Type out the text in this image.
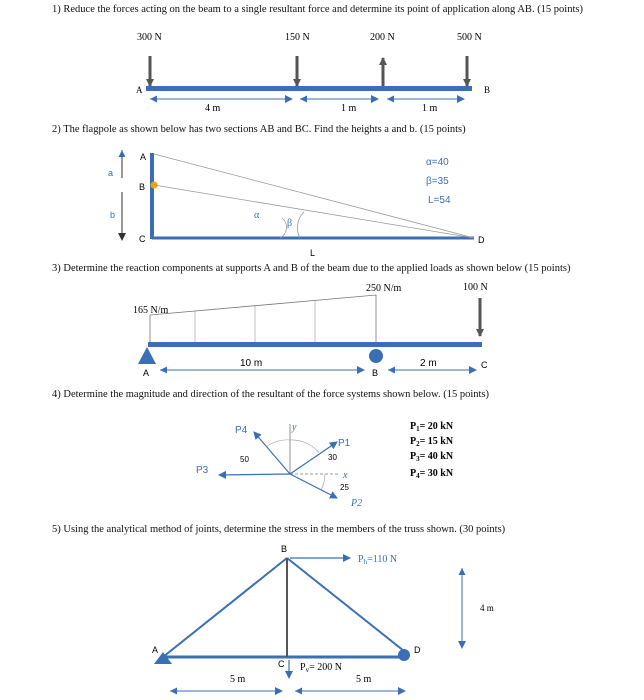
1) Reduce the forces acting on the beam to a single resultant force and determine its point of application along AB. (15 points)
2) The flagpole as shown below has two sections AB and BC. Find the heights a and b. (15 points)
3) Determine the reaction components at supports A and B of the beam due to the applied loads as shown below (15 points)
4) Determine the magnitude and direction of the resultant of the force systems shown below. (15 points)
5) Using the analytical method of joints, determine the stress in the members of the truss shown. (30 points)
300 N	150 N	200 N	500 N
A	B
4 m	1 m	1 m
a
b
A
B
C	D
α
β
α=40
β=35
L=54
L
165 N/m
250 N/m	100 N
A	B
C
10 m	2 m
y
x
P1
P2
P3
P4
50	30
25
$P_1= 20$ kN
$P_2= 15$ kN
$P_3= 40$ kN
$P_4= 30$ kN
B
A
C
D
$P_h=110$ N
$P_v= 200$ N
4 m
5 m	5 m
